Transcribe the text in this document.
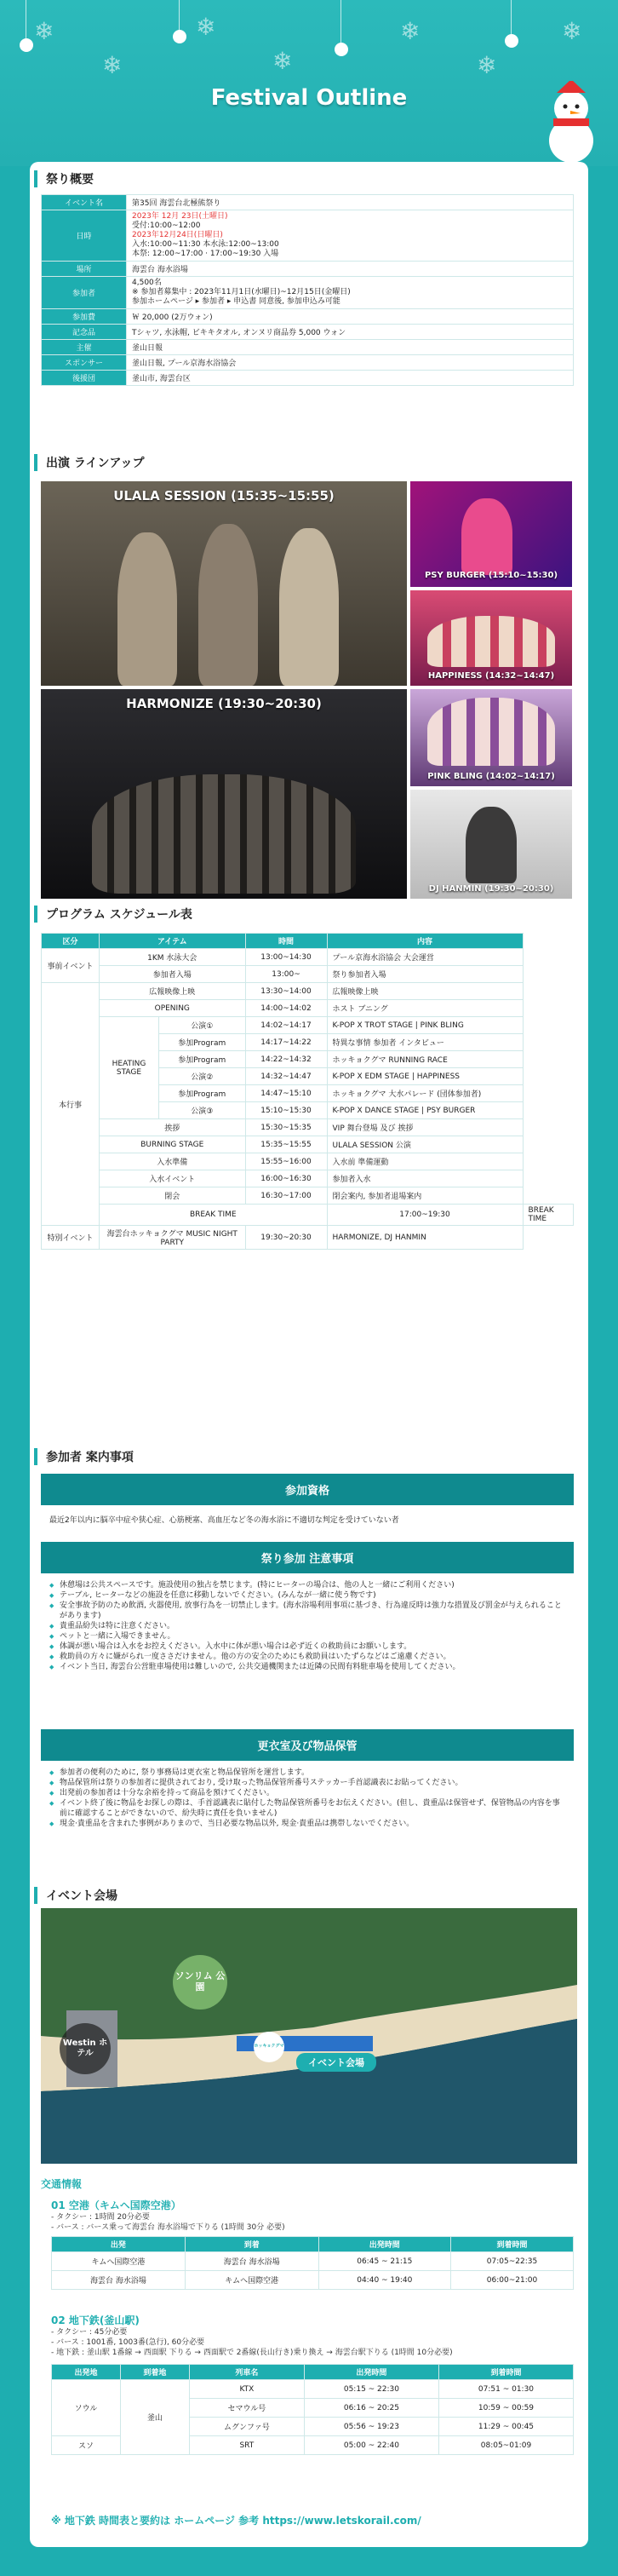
❄
❄
❄
❄
❄
❄
❄
Festival Outline
祭り概要
イベント名	第35回 海雲台北極熊祭り
日時	2023年 12月 23日(土曜日)
受付:10:00~12:00
2023年12月24日(日曜日)
入水:10:00~11:30 本水泳:12:00~13:00
本祭: 12:00~17:00 · 17:00~19:30 入場

場所	海雲台 海水浴場
参加者	4,500名
※ 参加者募集中 : 2023年11月1日(水曜日)~12月15日(金曜日)
参加ホームページ ▸ 参加者 ▸ 申込書 同意後, 参加申込み可能

参加費	￦ 20,000 (2万ウォン)
記念品	Tシャツ, 水泳帽, ビキキタオル, オンヌリ商品券 5,000 ウォン
主催	釜山日報
スポンサー	釜山日報, プール京海水浴協会
後援団	釜山市, 海雲台区
出演 ラインアップ
ULALA SESSION (15:35~15:55)
HARMONIZE (19:30~20:30)
PSY BURGER (15:10~15:30)
HAPPINESS (14:32~14:47)
PINK BLING (14:02~14:17)
DJ HANMIN (19:30~20:30)
プログラム スケジュール表
区分	アイテム		時間	内容	
事前イベント	1KM 水泳大会		13:00~14:30	プール京海水浴協会 大会運営	
	参加者入場		13:00~	祭り参加者入場	
本行事	広報映像上映		13:30~14:00	広報映像上映	
	OPENING		14:00~14:02	ホスト ブニング	
	HEATING STAGE	公演①	14:02~14:17	K-POP X TROT STAGE | PINK BLING	
		参加Program	14:17~14:22	特異な事情 参加者 インタビュー	
		参加Program	14:22~14:32	ホッキョクグマ RUNNING RACE	
		公演②	14:32~14:47	K-POP X EDM STAGE | HAPPINESS	
		参加Program	14:47~15:10	ホッキョクグマ 大水パレード (団体参加者)	
		公演③	15:10~15:30	K-POP X DANCE STAGE | PSY BURGER	
	挨拶		15:30~15:35	VIP 舞台登場 及び 挨拶	
	BURNING STAGE		15:35~15:55	ULALA SESSION 公演	
	入水準備		15:55~16:00	入水前 準備運動	
	入水イベント		16:00~16:30	参加者入水	
	閉会		16:30~17:00	閉会案内, 参加者退場案内	
	BREAK TIME			17:00~19:30	BREAK TIME
特別イベント	海雲台ホッキョクグマ MUSIC NIGHT PARTY		19:30~20:30	HARMONIZE, DJ HANMIN	
参加者 案内事項
参加資格
最近2年以内に脳卒中症や狭心症、心筋梗塞、高血圧など冬の海水浴に不適切な判定を受けていない者
祭り参加 注意事項
◆ 休憩場は公共スペースです。施設使用の独占を禁じます。(特にヒーターの場合は、他の人と一緒にご利用ください)
◆ テーブル, ヒーターなどの施設を任意に移動しないでください。(みんなが一緒に使う物です)
◆ 安全事故予防のため飲酒, 火器使用, 放事行為を一切禁止します。(海水浴場利用事項に基づき、行為違反時は強力な措置及び罰金が与えられることがあります)
◆ 貴重品紛失は特に注意ください。
◆ ペットと一緒に入場できません。
◆ 体調が悪い場合は入水をお控えください。入水中に体が悪い場合は必ず近くの救助員にお願いします。
◆ 救助員の方々に嫌がられ一度ささだけません。他の方の安全のためにも救助員はいたずらなどはご遠慮ください。
◆ イベント当日, 海雲台公営駐車場使用は難しいので, 公共交通機関または近隣の民間有料駐車場を使用してください。
更衣室及び物品保管
◆ 参加者の便利のために, 祭り事務局は更衣室と物品保管所を運営します。
◆ 物品保管所は祭りの参加者に提供されており, 受け取った物品保管所番号ステッカー手首認識表にお貼ってください。
◆ 出発前の参加者は十分な余裕を持って商品を預けてください。
◆ イベント終了後に物品をお探しの際は、手首認識表に貼付した物品保管所番号をお伝えください。(但し、貴重品は保管せず、保管物品の内容を事前に確認することができないので、紛失時に責任を負いません)
◆ 現金·貴重品を含まれた事例がありまので、当日必要な物品以外, 現金·貴重品は携帯しないでください。
イベント会場
ソンリム 公園
Westin ホテル
ホッキョクグマ
イベント会場
交通情報
01 空港（キムヘ国際空港）
- タクシー : 1時間 20分必要
- バース : バース乗って海雲台 海水浴場で下りる (1時間 30分 必要)
出発	到着	出発時間	到着時間
キムへ国際空港	海雲台 海水浴場	06:45 ~ 21:15	07:05~22:35
海雲台 海水浴場	キムへ国際空港	04:40 ~ 19:40	06:00~21:00
02 地下鉄(釜山駅)
- タクシー : 45分必要
- バース : 1001番, 1003番(急行), 60分必要
- 地下鉄 : 釜山駅 1番線 → 西面駅 下りる → 西面駅で 2番線(長山行き)乗り換え → 海雲台駅下りる (1時間 10分必要)
出発地	到着地	列車名	出発時間	到着時間
ソウル	釜山	KTX	05:15 ~ 22:30	07:51 ~ 01:30
		セマウル号	06:16 ~ 20:25	10:59 ~ 00:59
		ムグンファ号	05:56 ~ 19:23	11:29 ~ 00:45
スソ		SRT	05:00 ~ 22:40	08:05~01:09
※ 地下鉄 時間表と要約は ホームページ 参考 https://www.letskorail.com/
